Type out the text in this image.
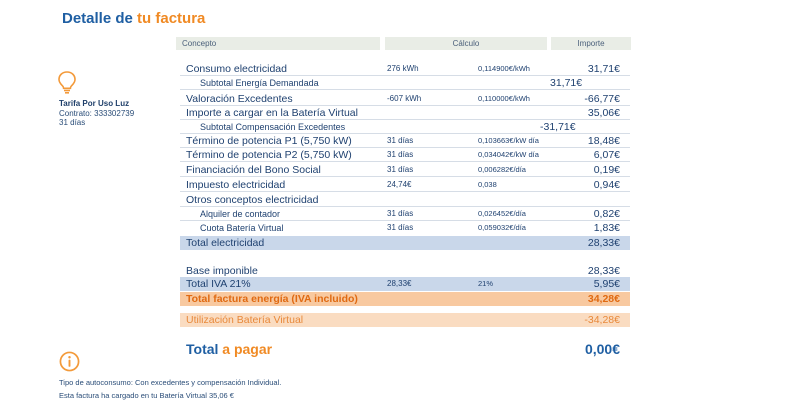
Detalle de tu factura
Concepto	Cálculo	Importe
Tarifa Por Uso Luz
Contrato: 333302739
31 días
Consumo electricidad	276 kWh	0,114900€/kWh	31,71€
Subtotal Energía Demandada	31,71€
Valoración Excedentes	-607 kWh	0,110000€/kWh	-66,77€
Importe a cargar en la Batería Virtual	35,06€
Subtotal Compensación Excedentes	-31,71€
Término de potencia P1 (5,750 kW)	31 días	0,103663€/kW día	18,48€
Término de potencia P2 (5,750 kW)	31 días	0,034042€/kW día	6,07€
Financiación del Bono Social	31 días	0,006282€/día	0,19€
Impuesto electricidad	24,74€	0,038	0,94€
Otros conceptos electricidad
Alquiler de contador	31 días	0,026452€/día	0,82€
Cuota Batería Virtual	31 días	0,059032€/día	1,83€
Total electricidad	28,33€
Base imponible	28,33€
Total IVA 21%	28,33€	21%	5,95€
Total factura energía (IVA incluido)	34,28€
Utilización Batería Virtual	-34,28€
Total a pagar	0,00€
Tipo de autoconsumo: Con excedentes y compensación Individual.
Esta factura ha cargado en tu Batería Virtual 35,06 €
